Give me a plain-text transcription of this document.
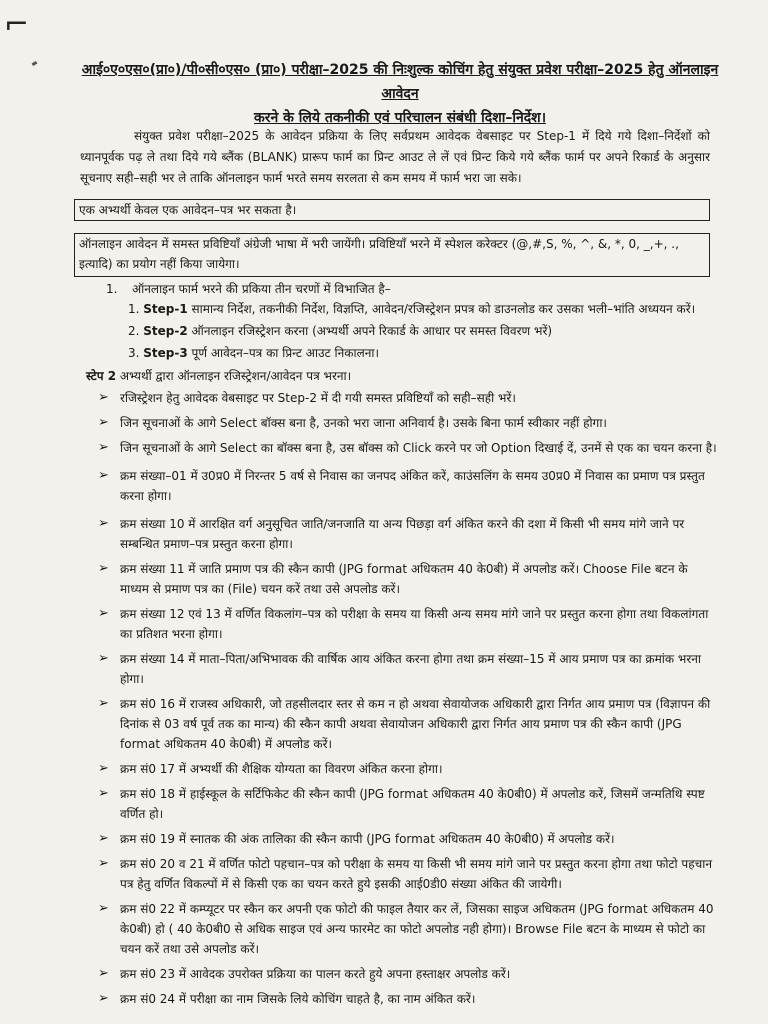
⌐
आई०ए०एस०(प्रा०)/पी०सी०एस० (प्रा०) परीक्षा–2025 की निःशुल्क कोचिंग हेतु संयुक्त प्रवेश परीक्षा–2025 हेतु ऑनलाइन आवेदन
करने के लिये तकनीकी एवं परिचालन संबंधी दिशा–निर्देश।
संयुक्त प्रवेश परीक्षा–2025 के आवेदन प्रक्रिया के लिए सर्वप्रथम आवेदक वेबसाइट पर Step-1 में दिये गये दिशा–निर्देशों को ध्यानपूर्वक पढ़ ले तथा दिये गये ब्लैंक (BLANK) प्रारूप फार्म का प्रिन्ट आउट ले लें एवं प्रिन्ट किये गये ब्लैंक फार्म पर अपने रिकार्ड के अनुसार सूचनाए सही–सही भर ले ताकि ऑनलाइन फार्म भरते समय सरलता से कम समय में फार्म भरा जा सके।
एक अभ्यर्थी केवल एक आवेदन–पत्र भर सकता है।
ऑनलाइन आवेदन में समस्त प्रविष्टियाँ अंग्रेजी भाषा में भरी जायेंगी। प्रविष्टियाँ भरने में स्पेशल करेक्टर (@,#,S, %, ^, &, *, 0, _,+, ., इत्यादि) का प्रयोग नहीं किया जायेगा।
1. ऑनलाइन फार्म भरने की प्रकिया तीन चरणों में विभाजित है–
1. Step-1 सामान्य निर्देश, तकनीकी निर्देश, विज्ञप्ति, आवेदन/रजिस्ट्रेशन प्रपत्र को डाउनलोड कर उसका भली–भांति अध्ययन करें।
2. Step-2 ऑनलाइन रजिस्ट्रेशन करना (अभ्यर्थी अपने रिकार्ड के आधार पर समस्त विवरण भरें)
3. Step-3 पूर्ण आवेदन–पत्र का प्रिन्ट आउट निकालना।
स्टेप 2 अभ्यर्थी द्वारा ऑनलाइन रजिस्ट्रेशन/आवेदन पत्र भरना।
➢ रजिस्ट्रेशन हेतु आवेदक वेबसाइट पर Step-2 में दी गयी समस्त प्रविष्टियाँ को सही–सही भरें।
➢ जिन सूचनाओं के आगे Select बॉक्स बना है, उनको भरा जाना अनिवार्य है। उसके बिना फार्म स्वीकार नहीं होगा।
➢ जिन सूचनाओं के आगे Select का बॉक्स बना है, उस बॉक्स को Click करने पर जो Option दिखाई दें, उनमें से एक का चयन करना है।
➢ क्रम संख्या–01 में उ0प्र0 में निरन्तर 5 वर्ष से निवास का जनपद अंकित करें, काउंसलिंग के समय उ0प्र0 में निवास का प्रमाण पत्र प्रस्तुत करना होगा।
➢ क्रम संख्या 10 में आरक्षित वर्ग अनुसूचित जाति/जनजाति या अन्य पिछड़ा वर्ग अंकित करने की दशा में किसी भी समय मांगे जाने पर सम्बन्धित प्रमाण–पत्र प्रस्तुत करना होगा।
➢ क्रम संख्या 11 में जाति प्रमाण पत्र की स्कैन कापी (JPG format अधिकतम 40 के0बी) में अपलोड करें। Choose File बटन के माध्यम से प्रमाण पत्र का (File) चयन करें तथा उसे अपलोड करें।
➢ क्रम संख्या 12 एवं 13 में वर्णित विकलांग–पत्र को परीक्षा के समय या किसी अन्य समय मांगे जाने पर प्रस्तुत करना होगा तथा विकलांगता का प्रतिशत भरना होगा।
➢ क्रम संख्या 14 में माता–पिता/अभिभावक की वार्षिक आय अंकित करना होगा तथा क्रम संख्या–15 में आय प्रमाण पत्र का क्रमांक भरना होगा।
➢ क्रम सं0 16 में राजस्व अधिकारी, जो तहसीलदार स्तर से कम न हो अथवा सेवायोजक अधिकारी द्वारा निर्गत आय प्रमाण पत्र (विज्ञापन की दिनांक से 03 वर्ष पूर्व तक का मान्य) की स्कैन कापी अथवा सेवायोजन अधिकारी द्वारा निर्गत आय प्रमाण पत्र की स्कैन कापी (JPG format अधिकतम 40 के0बी) में अपलोड करें।
➢ क्रम सं0 17 में अभ्यर्थी की शैक्षिक योग्यता का विवरण अंकित करना होगा।
➢ क्रम सं0 18 में हाईस्कूल के सर्टिफिकेट की स्कैन कापी (JPG format अधिकतम 40 के0बी0) में अपलोड करें, जिसमें जन्मतिथि स्पष्ट वर्णित हो।
➢ क्रम सं0 19 में स्नातक की अंक तालिका की स्कैन कापी (JPG format अधिकतम 40 के0बी0) में अपलोड करें।
➢ क्रम सं0 20 व 21 में वर्णित फोटो पहचान–पत्र को परीक्षा के समय या किसी भी समय मांगे जाने पर प्रस्तुत करना होगा तथा फोटो पहचान पत्र हेतु वर्णित विकल्पों में से किसी एक का चयन करते हुये इसकी आई0डी0 संख्या अंकित की जायेगी।
➢ क्रम सं0 22 में कम्प्यूटर पर स्कैन कर अपनी एक फोटो की फाइल तैयार कर लें, जिसका साइज अधिकतम (JPG format अधिकतम 40 के0बी) हो ( 40 के0बी0 से अधिक साइज एवं अन्य फारमेट का फोटो अपलोड नही होगा)। Browse File बटन के माध्यम से फोटो का चयन करें तथा उसे अपलोड करें।
➢ क्रम सं0 23 में आवेदक उपरोक्त प्रक्रिया का पालन करते हुये अपना हस्ताक्षर अपलोड करें।
➢ क्रम सं0 24 में परीक्षा का नाम जिसके लिये कोचिंग चाहते है, का नाम अंकित करें।
